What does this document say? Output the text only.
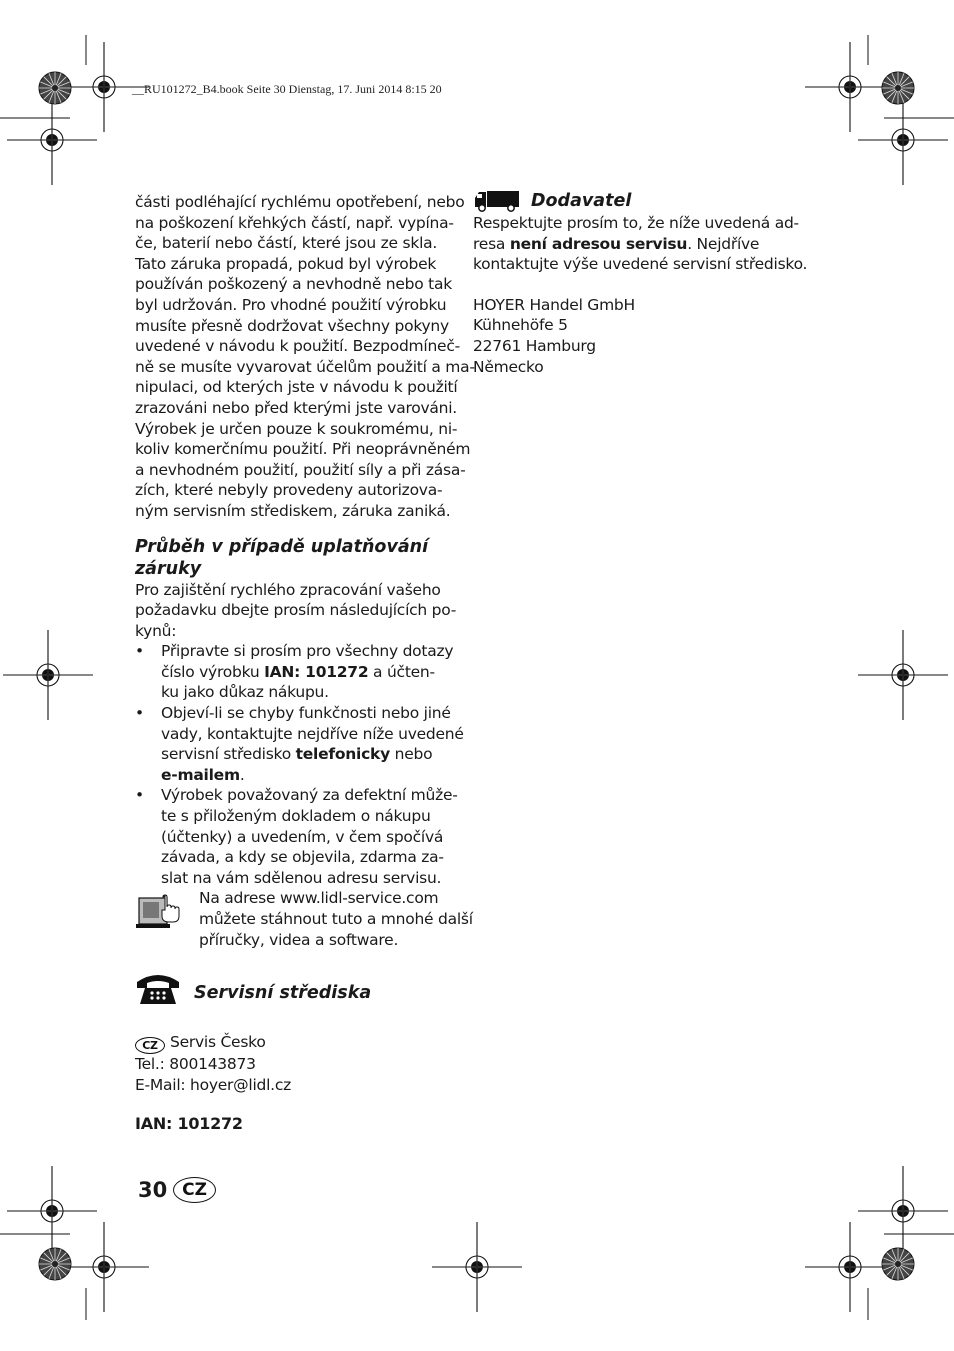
__RU101272_B4.book Seite 30 Dienstag, 17. Juni 2014 8:15 20

části podléhající rychlému opotřebení, nebo
na poškození křehkých částí, např. vypína-
če, baterií nebo částí, které jsou ze skla.
Tato záruka propadá, pokud byl výrobek
používán poškozený a nevhodně nebo tak
byl udržován. Pro vhodné použití výrobku
musíte přesně dodržovat všechny pokyny
uvedené v návodu k použití. Bezpodmíneč-
ně se musíte vyvarovat účelům použití a ma-
nipulaci, od kterých jste v návodu k použití
zrazováni nebo před kterými jste varováni.
Výrobek je určen pouze k soukromému, ni-
koliv komerčnímu použití. Při neoprávněném
a nevhodném použití, použití síly a při zása-
zích, které nebyly provedeny autorizova-
ným servisním střediskem, záruka zaniká.

Průběh v případě uplatňování
záruky

Pro zajištění rychlého zpracování vašeho
požadavku dbejte prosím následujících po-
kynů:

• Připravte si prosím pro všechny dotazy
číslo výrobku IAN: 101272 a účten-
ku jako důkaz nákupu.
• Objeví-li se chyby funkčnosti nebo jiné
vady, kontaktujte nejdříve níže uvedené
servisní středisko telefonicky nebo
e-mailem.
• Výrobek považovaný za defektní může-
te s přiloženým dokladem o nákupu
(účtenky) a uvedením, v čem spočívá
závada, a kdy se objevila, zdarma za-
slat na vám sdělenou adresu servisu.
Na adrese www.lidl-service.com
můžete stáhnout tuto a mnohé další
příručky, videa a software.
Servisní střediska
CZ Servis Česko
Tel.: 800143873
E-Mail: hoyer@lidl.cz
IAN: 101272
Dodavatel

Respektujte prosím to, že níže uvedená ad-
resa není adresou servisu. Nejdříve
kontaktujte výše uvedené servisní středisko.

HOYER Handel GmbH
Kühnehöfe 5
22761 Hamburg
Německo

30 CZ
